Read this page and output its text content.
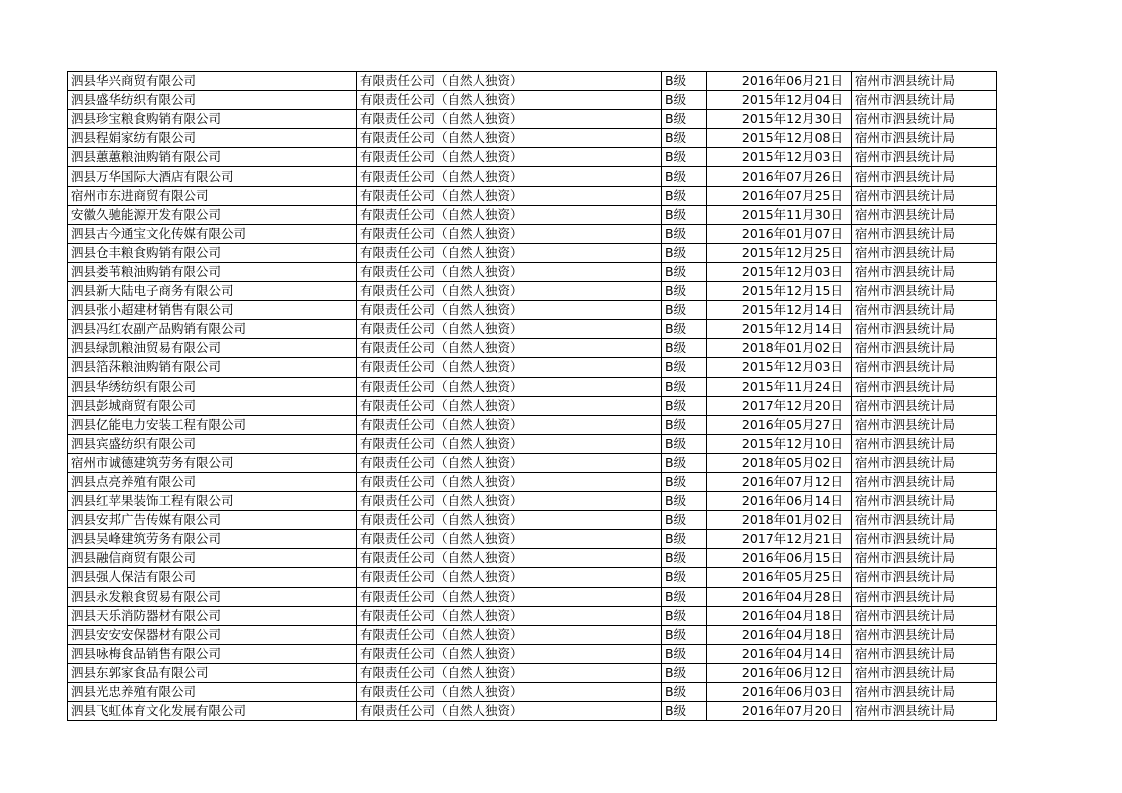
泗县华兴商贸有限公司	有限责任公司（自然人独资）	B级	2016年06月21日	宿州市泗县统计局
泗县盛华纺织有限公司	有限责任公司（自然人独资）	B级	2015年12月04日	宿州市泗县统计局
泗县珍宝粮食购销有限公司	有限责任公司（自然人独资）	B级	2015年12月30日	宿州市泗县统计局
泗县程娟家纺有限公司	有限责任公司（自然人独资）	B级	2015年12月08日	宿州市泗县统计局
泗县蕙蕙粮油购销有限公司	有限责任公司（自然人独资）	B级	2015年12月03日	宿州市泗县统计局
泗县万华国际大酒店有限公司	有限责任公司（自然人独资）	B级	2016年07月26日	宿州市泗县统计局
宿州市东进商贸有限公司	有限责任公司（自然人独资）	B级	2016年07月25日	宿州市泗县统计局
安徽久驰能源开发有限公司	有限责任公司（自然人独资）	B级	2015年11月30日	宿州市泗县统计局
泗县古今通宝文化传媒有限公司	有限责任公司（自然人独资）	B级	2016年01月07日	宿州市泗县统计局
泗县仓丰粮食购销有限公司	有限责任公司（自然人独资）	B级	2015年12月25日	宿州市泗县统计局
泗县娄苇粮油购销有限公司	有限责任公司（自然人独资）	B级	2015年12月03日	宿州市泗县统计局
泗县新大陆电子商务有限公司	有限责任公司（自然人独资）	B级	2015年12月15日	宿州市泗县统计局
泗县张小超建材销售有限公司	有限责任公司（自然人独资）	B级	2015年12月14日	宿州市泗县统计局
泗县冯红农副产品购销有限公司	有限责任公司（自然人独资）	B级	2015年12月14日	宿州市泗县统计局
泗县绿凯粮油贸易有限公司	有限责任公司（自然人独资）	B级	2018年01月02日	宿州市泗县统计局
泗县箔莯粮油购销有限公司	有限责任公司（自然人独资）	B级	2015年12月03日	宿州市泗县统计局
泗县华绣纺织有限公司	有限责任公司（自然人独资）	B级	2015年11月24日	宿州市泗县统计局
泗县彭城商贸有限公司	有限责任公司（自然人独资）	B级	2017年12月20日	宿州市泗县统计局
泗县亿能电力安装工程有限公司	有限责任公司（自然人独资）	B级	2016年05月27日	宿州市泗县统计局
泗县宾盛纺织有限公司	有限责任公司（自然人独资）	B级	2015年12月10日	宿州市泗县统计局
宿州市诚德建筑劳务有限公司	有限责任公司（自然人独资）	B级	2018年05月02日	宿州市泗县统计局
泗县点亮养殖有限公司	有限责任公司（自然人独资）	B级	2016年07月12日	宿州市泗县统计局
泗县红苹果装饰工程有限公司	有限责任公司（自然人独资）	B级	2016年06月14日	宿州市泗县统计局
泗县安邦广告传媒有限公司	有限责任公司（自然人独资）	B级	2018年01月02日	宿州市泗县统计局
泗县吴峰建筑劳务有限公司	有限责任公司（自然人独资）	B级	2017年12月21日	宿州市泗县统计局
泗县融信商贸有限公司	有限责任公司（自然人独资）	B级	2016年06月15日	宿州市泗县统计局
泗县强人保洁有限公司	有限责任公司（自然人独资）	B级	2016年05月25日	宿州市泗县统计局
泗县永发粮食贸易有限公司	有限责任公司（自然人独资）	B级	2016年04月28日	宿州市泗县统计局
泗县天乐消防器材有限公司	有限责任公司（自然人独资）	B级	2016年04月18日	宿州市泗县统计局
泗县安安安保器材有限公司	有限责任公司（自然人独资）	B级	2016年04月18日	宿州市泗县统计局
泗县咏梅食品销售有限公司	有限责任公司（自然人独资）	B级	2016年04月14日	宿州市泗县统计局
泗县东郭家食品有限公司	有限责任公司（自然人独资）	B级	2016年06月12日	宿州市泗县统计局
泗县光忠养殖有限公司	有限责任公司（自然人独资）	B级	2016年06月03日	宿州市泗县统计局
泗县飞虹体育文化发展有限公司	有限责任公司（自然人独资）	B级	2016年07月20日	宿州市泗县统计局
